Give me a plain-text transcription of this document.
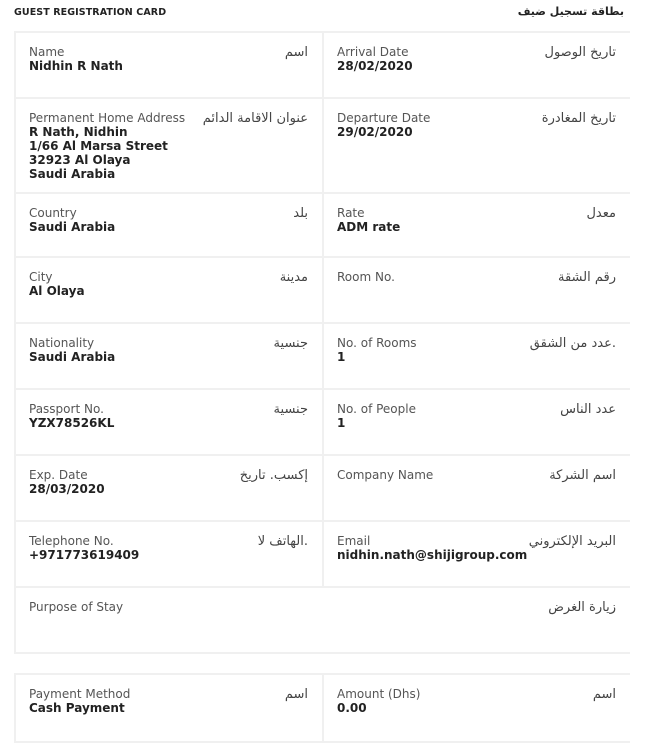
GUEST REGISTRATION CARD	بطاقة تسجيل ضيف
Name	اسم
Nidhin R Nath
Arrival Date	تاريخ الوصول
28/02/2020
Permanent Home Address	عنوان الاقامة الدائم
R Nath, Nidhin
1/66 Al Marsa Street
32923 Al Olaya
Saudi Arabia
Departure Date	تاريخ المغادرة
29/02/2020
Country	بلد
Saudi Arabia
Rate	معدل
ADM rate
City	مدينة
Al Olaya
Room No.	رقم الشقة
Nationality	جنسية
Saudi Arabia
No. of Rooms	.عدد من الشقق
1
Passport No.	جنسية
YZX78526KL
No. of People	عدد الناس
1
Exp. Date	إكسب. تاريخ
28/03/2020
Company Name	اسم الشركة
Telephone No.	.الهاتف لا
+971773619409
Email	البريد الإلكتروني
nidhin.nath@shijigroup.com
Purpose of Stay	زيارة الغرض
Payment Method	اسم
Cash Payment
Amount (Dhs)	اسم
0.00
